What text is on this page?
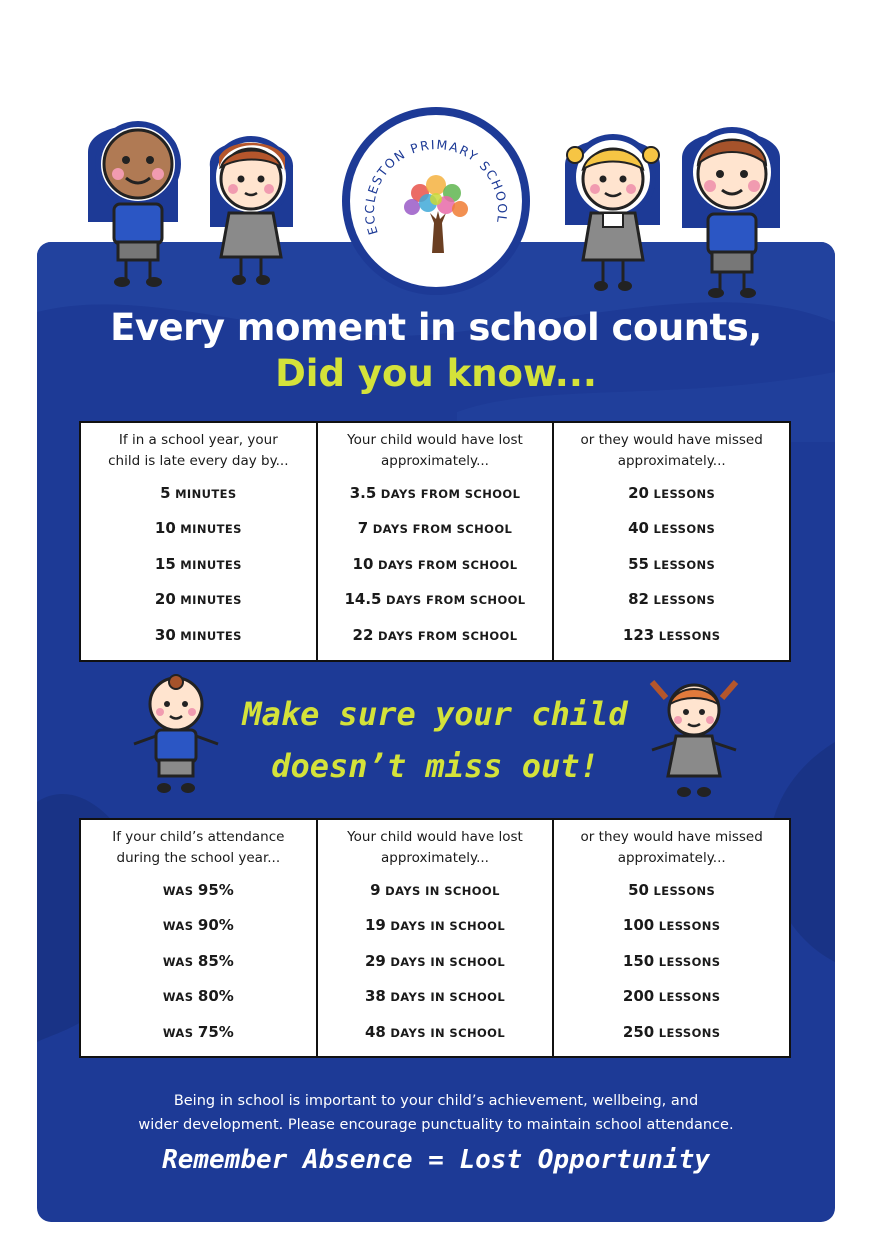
ECCLESTON PRIMARY SCHOOL
Every moment in school counts,
Did you know...
If in a school year, your
child is late every day by...
5 MINUTES
10 MINUTES
15 MINUTES
20 MINUTES
30 MINUTES
Your child would have lost
approximately...
3.5 DAYS FROM SCHOOL
7 DAYS FROM SCHOOL
10 DAYS FROM SCHOOL
14.5 DAYS FROM SCHOOL
22 DAYS FROM SCHOOL
or they would have missed
approximately...
20 LESSONS
40 LESSONS
55 LESSONS
82 LESSONS
123 LESSONS
Make sure your child
doesn’t miss out!
If your child’s attendance
during the school year...
WAS 95%
WAS 90%
WAS 85%
WAS 80%
WAS 75%
Your child would have lost
approximately...
9 DAYS IN SCHOOL
19 DAYS IN SCHOOL
29 DAYS IN SCHOOL
38 DAYS IN SCHOOL
48 DAYS IN SCHOOL
or they would have missed
approximately...
50 LESSONS
100 LESSONS
150 LESSONS
200 LESSONS
250 LESSONS
Being in school is important to your child’s achievement, wellbeing, and
wider development. Please encourage punctuality to maintain school attendance.
Remember Absence = Lost Opportunity
